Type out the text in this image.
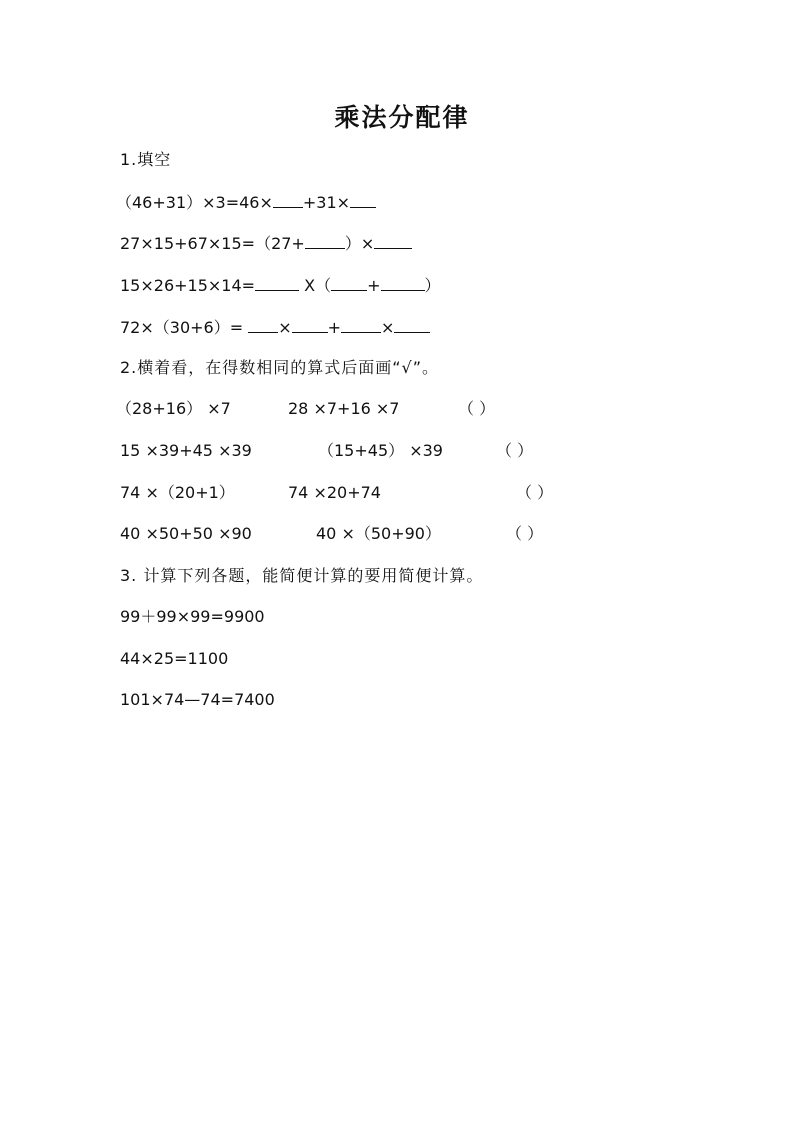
乘法分配律
1.填空
（46+31）×3=46× +31×
27×15+67×15=（27+	）×
15×26+15×14=	X（ +	）
72×（30+6）= × +	×
2.横着看，在得数相同的算式后面画“√”。
（28+16） ×7	28 ×7+16 ×7	（ ）
15 ×39+45 ×39	（15+45） ×39	（ ）
74 ×（20+1）	74 ×20+74	（ ）
40 ×50+50 ×90	40 ×（50+90）	（ ）
3. 计算下列各题，能简便计算的要用简便计算。
99＋99×99=9900
44×25=1100
101×74—74=7400
